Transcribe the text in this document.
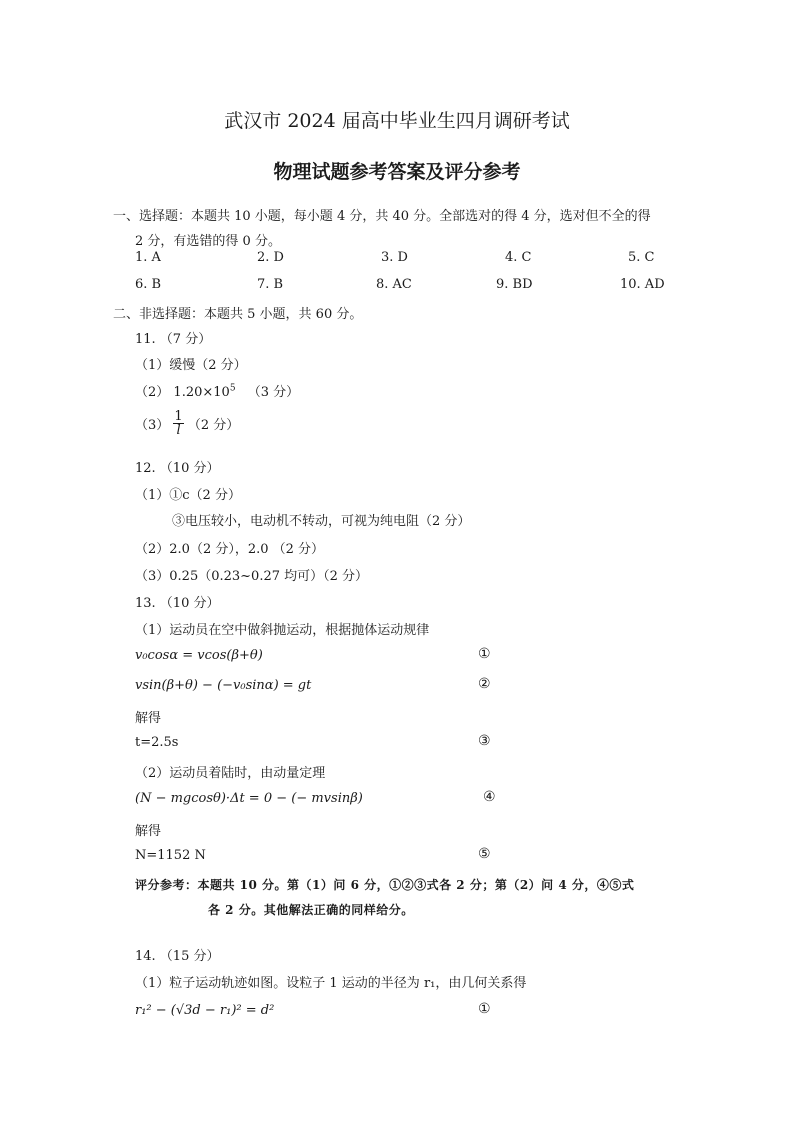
武汉市 2024 届高中毕业生四月调研考试
物理试题参考答案及评分参考
一、选择题：本题共 10 小题，每小题 4 分，共 40 分。全部选对的得 4 分，选对但不全的得
2 分，有选错的得 0 分。
1. A	2. D	3. D	4. C	5. C
6. B	7. B	8. AC	9. BD	10. AD
二、非选择题：本题共 5 小题，共 60 分。
11. （7 分）
（1）缓慢（2 分）
（2） $1.20\times 10^5$ （3 分）
$(3) \frac{1}{l} (2$ 分）
12. （10 分）
（1）①c（2 分）
③电压较小，电动机不转动，可视为纯电阻（2 分）
（2）2.0（2 分），2.0 （2 分）
（3）0.25（0.23~0.27 均可）（2 分）
13. （10 分）
（1）运动员在空中做斜抛运动，根据抛体运动规律
v₀cosα = vcos(β+θ)	①
vsin(β+θ) − (−v₀sinα) = gt	②
解得
t=2.5s	③
（2）运动员着陆时，由动量定理
(N − mgcosθ)·Δt = 0 − (− mvsinβ)	④
解得
N=1152 N	⑤
评分参考：本题共 10 分。第（1）问 6 分，①②③式各 2 分；第（2）问 4 分，④⑤式
各 2 分。其他解法正确的同样给分。
14. （15 分）
（1）粒子运动轨迹如图。设粒子 1 运动的半径为 r₁，由几何关系得
r₁² − (√3d − r₁)² = d²	①
